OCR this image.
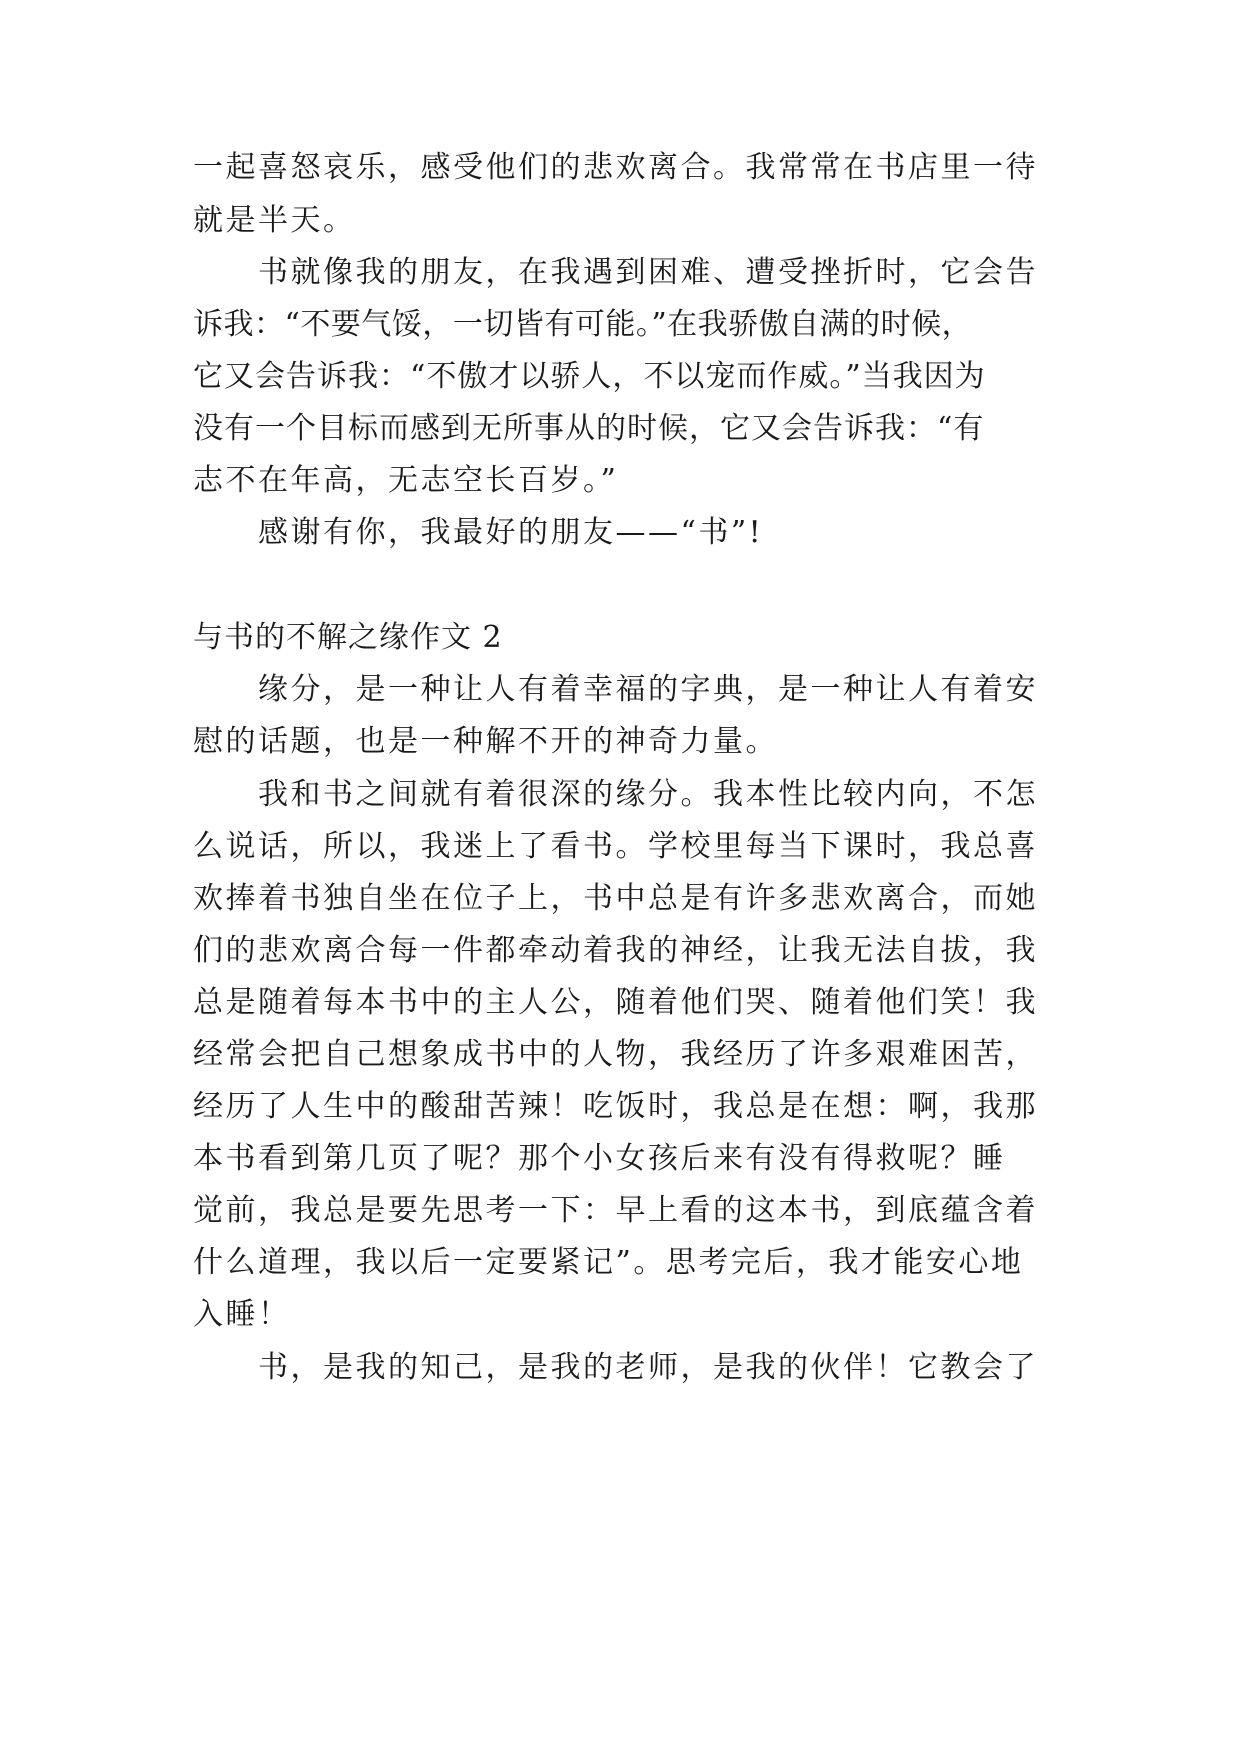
一起喜怒哀乐，感受他们的悲欢离合。我常常在书店里一待
就是半天。
书就像我的朋友，在我遇到困难、遭受挫折时，它会告
诉我：“不要气馁，一切皆有可能。”在我骄傲自满的时候，
它又会告诉我：“不傲才以骄人，不以宠而作威。”当我因为
没有一个目标而感到无所事从的时候，它又会告诉我：“有
志不在年高，无志空长百岁。”
感谢有你，我最好的朋友——“书”!
与书的不解之缘作文 2
缘分，是一种让人有着幸福的字典，是一种让人有着安
慰的话题，也是一种解不开的神奇力量。
我和书之间就有着很深的缘分。我本性比较内向，不怎
么说话，所以，我迷上了看书。学校里每当下课时，我总喜
欢捧着书独自坐在位子上，书中总是有许多悲欢离合，而她
们的悲欢离合每一件都牵动着我的神经，让我无法自拔，我
总是随着每本书中的主人公，随着他们哭、随着他们笑！我
经常会把自己想象成书中的人物，我经历了许多艰难困苦，
经历了人生中的酸甜苦辣！吃饭时，我总是在想：啊，我那
本书看到第几页了呢？那个小女孩后来有没有得救呢？睡
觉前，我总是要先思考一下：早上看的这本书，到底蕴含着
什么道理，我以后一定要紧记”。思考完后，我才能安心地
入睡！
书，是我的知己，是我的老师，是我的伙伴！它教会了
